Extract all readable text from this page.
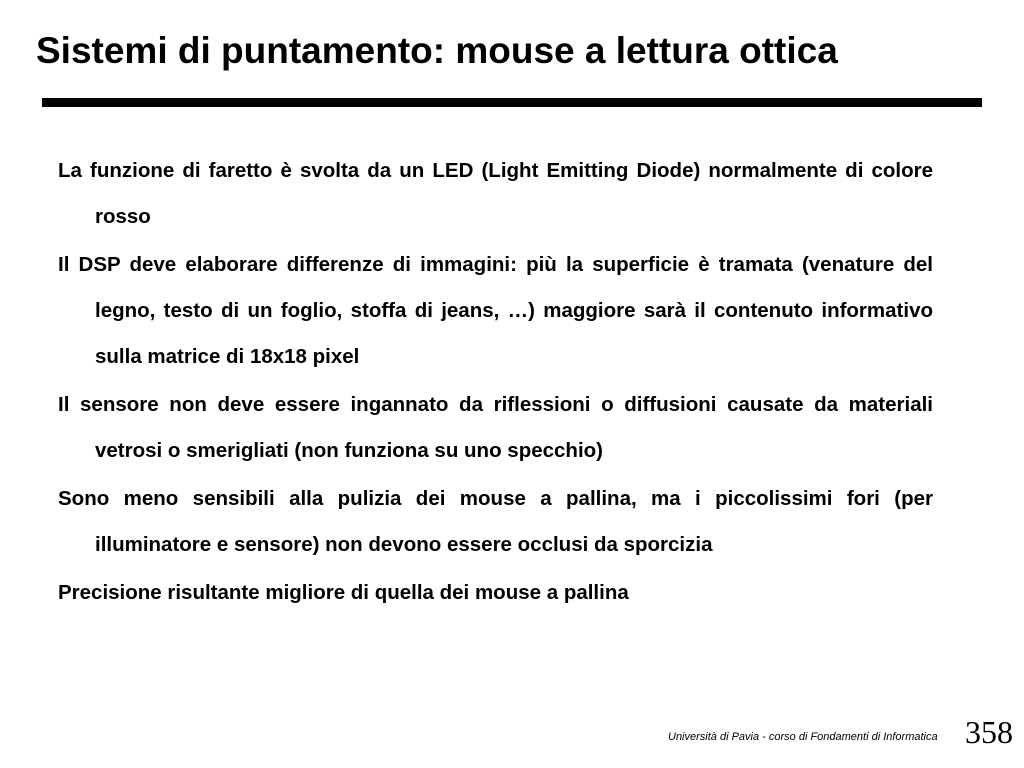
Sistemi di puntamento: mouse a lettura ottica

La funzione di faretto è svolta da un LED (Light Emitting Diode) normalmente di colore rosso

Il DSP deve elaborare differenze di immagini: più la superficie è tramata (venature del legno, testo di un foglio, stoffa di jeans, …) maggiore sarà il contenuto informativo sulla matrice di 18x18 pixel

Il sensore non deve essere ingannato da riflessioni o diffusioni causate da materiali vetrosi o smerigliati (non funziona su uno specchio)

Sono meno sensibili alla pulizia dei mouse a pallina, ma i piccolissimi fori (per illuminatore e sensore) non devono essere occlusi da sporcizia

Precisione risultante migliore di quella dei mouse a pallina

Università di Pavia - corso di Fondamenti di Informatica 358
